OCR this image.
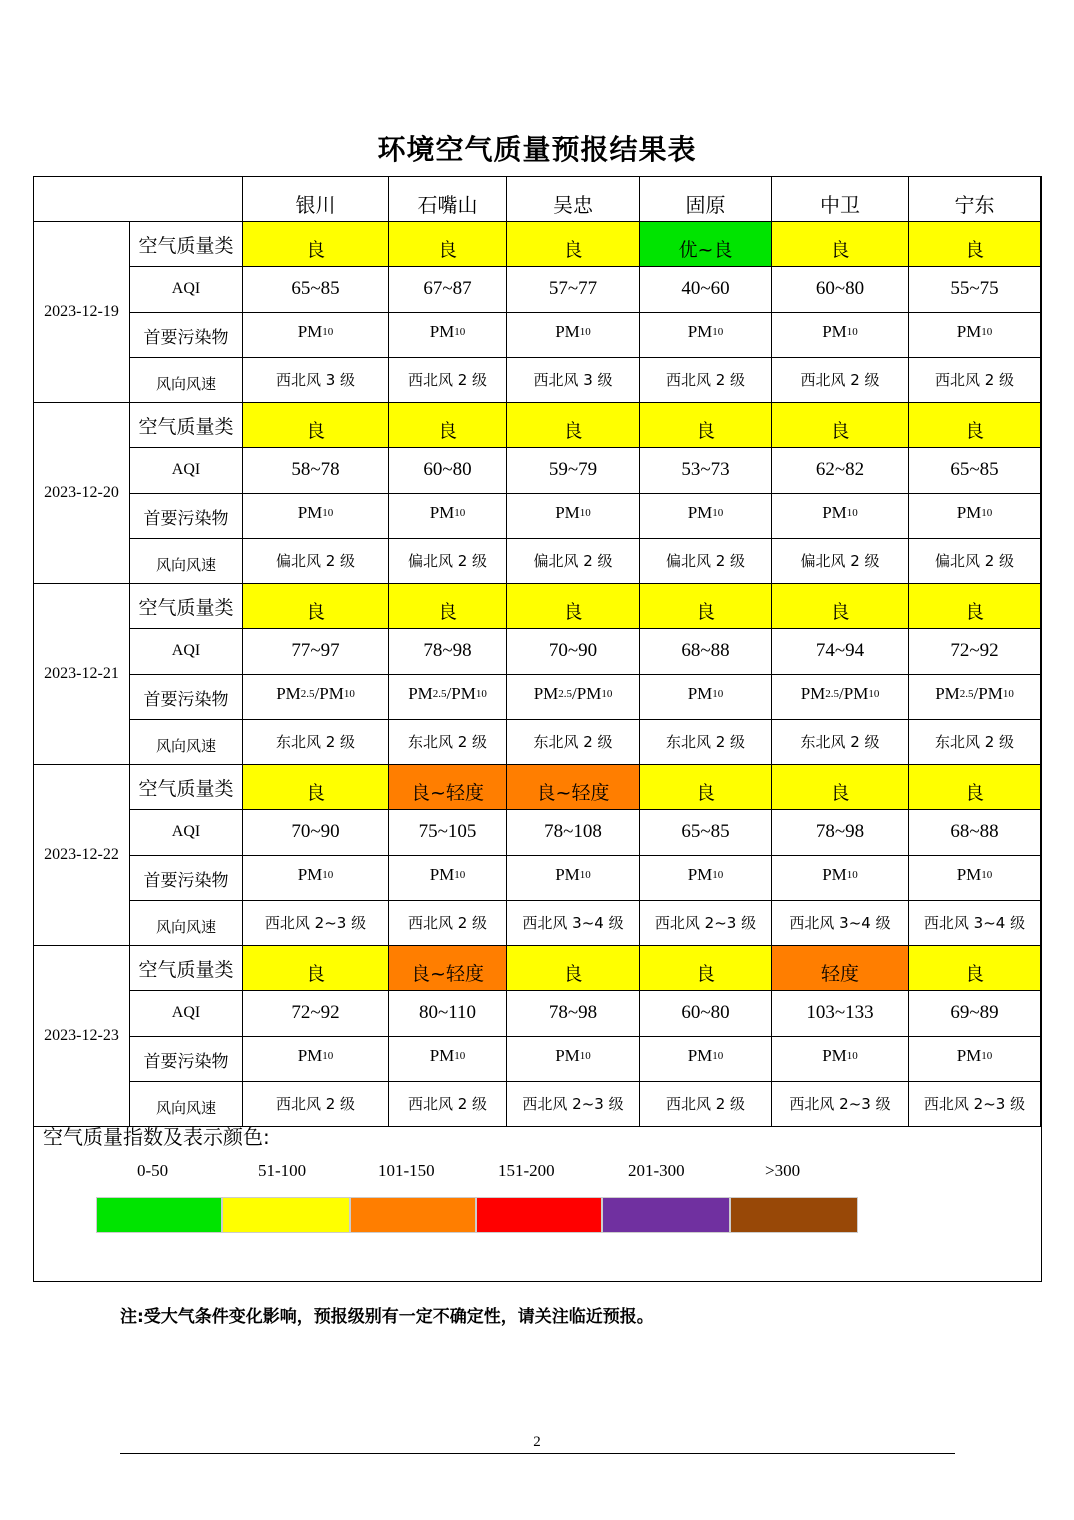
环境空气质量预报结果表
空气质量指数及表示颜色:
0-50	51-100	101-150	151-200	201-300	>300
银川	石嘴山	吴忠	固原	中卫	宁东
2023-12-19
空气质量类	良	良	良	优~良	良	良
AQI	65~85	67~87	57~77	40~60	60~80	55~75
首要污染物	PM 10	PM 10	PM 10	PM 10	PM 10	PM 10
风向风速	西北风 3 级	西北风 2 级	西北风 3 级	西北风 2 级	西北风 2 级	西北风 2 级
2023-12-20
空气质量类	良	良	良	良	良	良
AQI	58~78	60~80	59~79	53~73	62~82	65~85
首要污染物	PM 10	PM 10	PM 10	PM 10	PM 10	PM 10
风向风速	偏北风 2 级	偏北风 2 级	偏北风 2 级	偏北风 2 级	偏北风 2 级	偏北风 2 级
2023-12-21
空气质量类	良	良	良	良	良	良
AQI	77~97	78~98	70~90	68~88	74~94	72~92
首要污染物	PM 2.5 /PM 10	PM 2.5 /PM 10	PM 2.5 /PM 10	PM 10	PM 2.5 /PM 10	PM 2.5 /PM 10
风向风速	东北风 2 级	东北风 2 级	东北风 2 级	东北风 2 级	东北风 2 级	东北风 2 级
2023-12-22
空气质量类	良	良~轻度	良~轻度	良	良	良
AQI	70~90	75~105	78~108	65~85	78~98	68~88
首要污染物	PM 10	PM 10	PM 10	PM 10	PM 10	PM 10
风向风速	西北风 2~3 级	西北风 2 级	西北风 3~4 级	西北风 2~3 级	西北风 3~4 级	西北风 3~4 级
2023-12-23
空气质量类	良	良~轻度	良	良	轻度	良
AQI	72~92	80~110	78~98	60~80	103~133	69~89
首要污染物	PM 10	PM 10	PM 10	PM 10	PM 10	PM 10
风向风速	西北风 2 级	西北风 2 级	西北风 2~3 级	西北风 2 级	西北风 2~3 级	西北风 2~3 级
注:受大气条件变化影响，预报级别有一定不确定性，请关注临近预报。
2
